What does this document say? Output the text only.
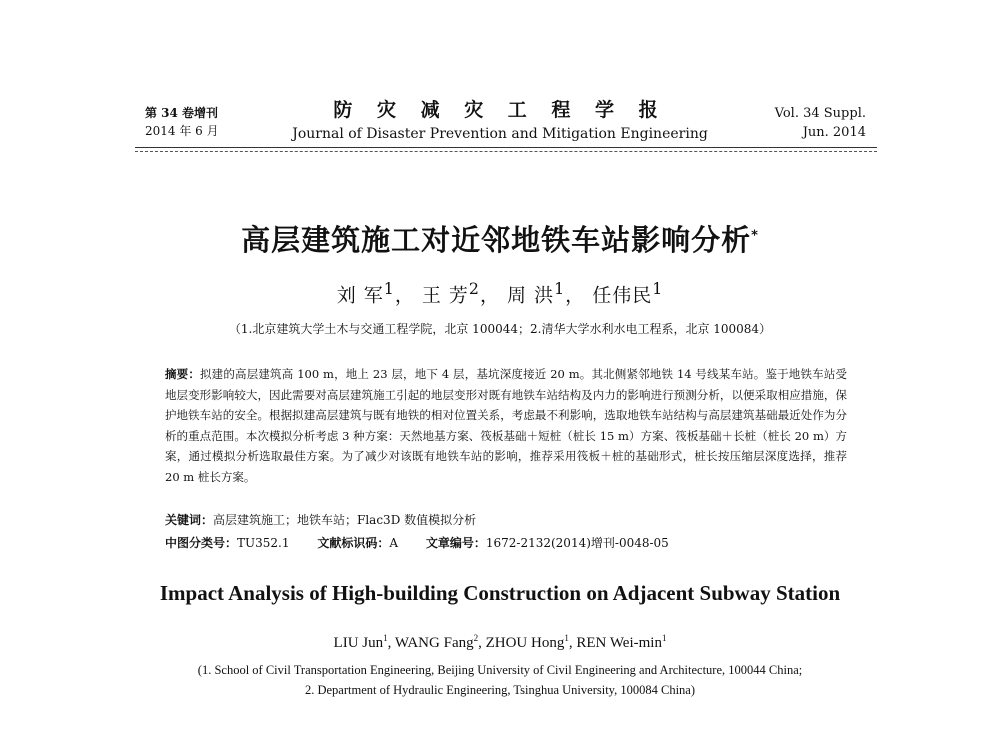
第 34 卷增刊
2014 年 6 月
防 灾 减 灾 工 程 学 报
Journal of Disaster Prevention and Mitigation Engineering
Vol. 34 Suppl.
Jun. 2014
高层建筑施工对近邻地铁车站影响分析*
刘 军$^1$， 王 芳$^2$， 周 洪$^1$， 任伟民$^1$
（1.北京建筑大学土木与交通工程学院，北京 100044；2.清华大学水利水电工程系，北京 100084）
摘要：拟建的高层建筑高 100 m，地上 23 层，地下 4 层，基坑深度接近 20 m。其北侧紧邻地铁 14 号线某车站。鉴于地铁车站受地层变形影响较大，因此需要对高层建筑施工引起的地层变形对既有地铁车站结构及内力的影响进行预测分析，以便采取相应措施，保护地铁车站的安全。根据拟建高层建筑与既有地铁的相对位置关系，考虑最不利影响，选取地铁车站结构与高层建筑基础最近处作为分析的重点范围。本次模拟分析考虑 3 种方案：天然地基方案、筏板基础＋短桩（桩长 15 m）方案、筏板基础＋长桩（桩长 20 m）方案，通过模拟分析选取最佳方案。为了减少对该既有地铁车站的影响，推荐采用筏板＋桩的基础形式，桩长按压缩层深度选择，推荐 20 m 桩长方案。
关键词：高层建筑施工；地铁车站；Flac3D 数值模拟分析
中图分类号：TU352.1 文献标识码：A 文章编号：1672-2132(2014)增刊-0048-05
Impact Analysis of High-building Construction on Adjacent Subway Station
LIU Jun$^1$, WANG Fang$^2$, ZHOU Hong$^1$, REN Wei-$\min^1$
(1. School of Civil Transportation Engineering, Beijing University of Civil Engineering and Architecture, 100044 China;
2. Department of Hydraulic Engineering, Tsinghua University, 100084 China)
